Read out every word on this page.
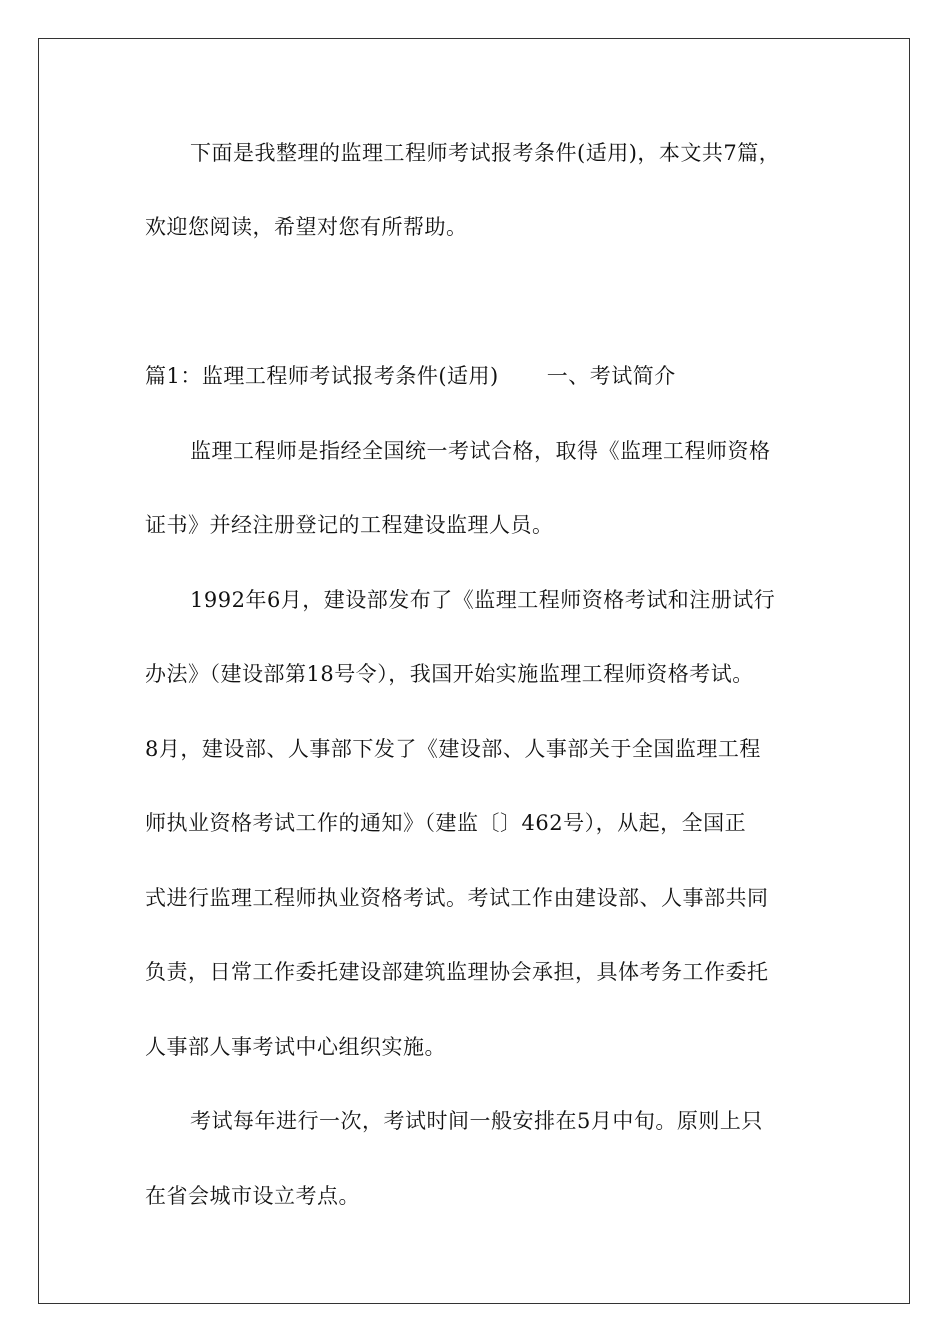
下面是我整理的监理工程师考试报考条件(适用)，本文共7篇，
欢迎您阅读，希望对您有所帮助。
篇1：监理工程师考试报考条件(适用) 一、考试简介
监理工程师是指经全国统一考试合格，取得《监理工程师资格
证书》并经注册登记的工程建设监理人员。
1992年6月，建设部发布了《监理工程师资格考试和注册试行
办法》（建设部第18号令），我国开始实施监理工程师资格考试。
8月，建设部、人事部下发了《建设部、人事部关于全国监理工程
师执业资格考试工作的通知》（建监〔〕462号），从起，全国正
式进行监理工程师执业资格考试。考试工作由建设部、人事部共同
负责，日常工作委托建设部建筑监理协会承担，具体考务工作委托
人事部人事考试中心组织实施。
考试每年进行一次，考试时间一般安排在5月中旬。原则上只
在省会城市设立考点。
